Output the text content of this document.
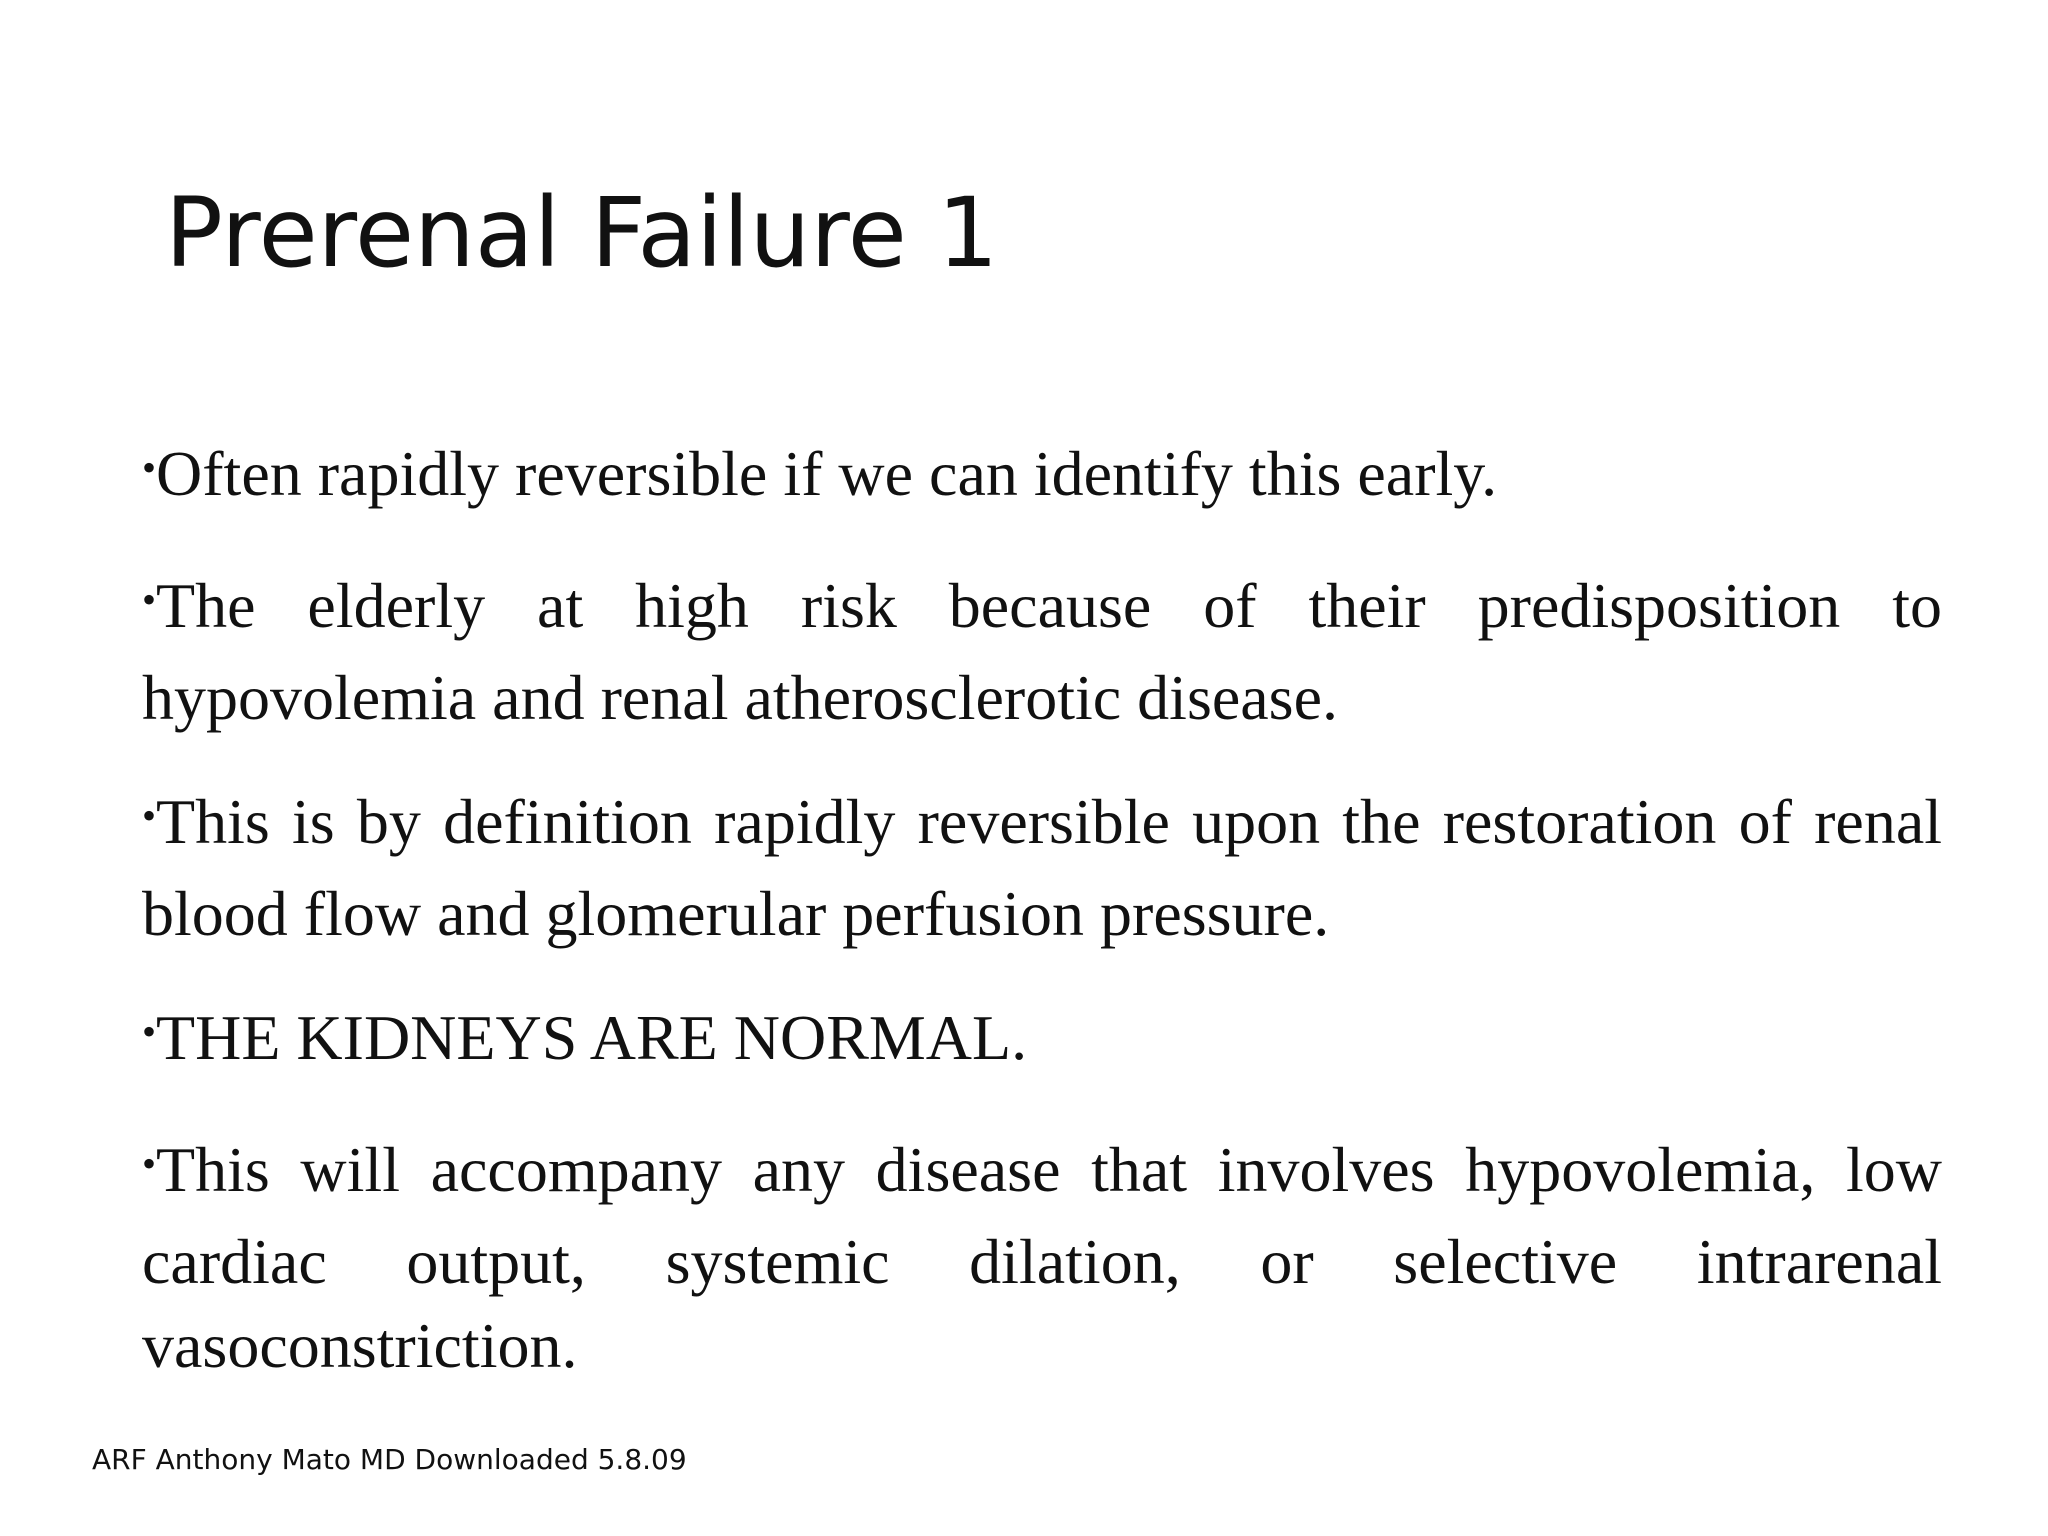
Prerenal Failure 1
•Often rapidly reversible if we can identify this early.
•The elderly at high risk because of their predisposition to hypovolemia and renal atherosclerotic disease.
•This is by definition rapidly reversible upon the restoration of renal blood flow and glomerular perfusion pressure.
•THE KIDNEYS ARE NORMAL.
•This will accompany any disease that involves hypovolemia, low cardiac output, systemic dilation, or selective intrarenal vasoconstriction.
ARF Anthony Mato MD Downloaded 5.8.09
